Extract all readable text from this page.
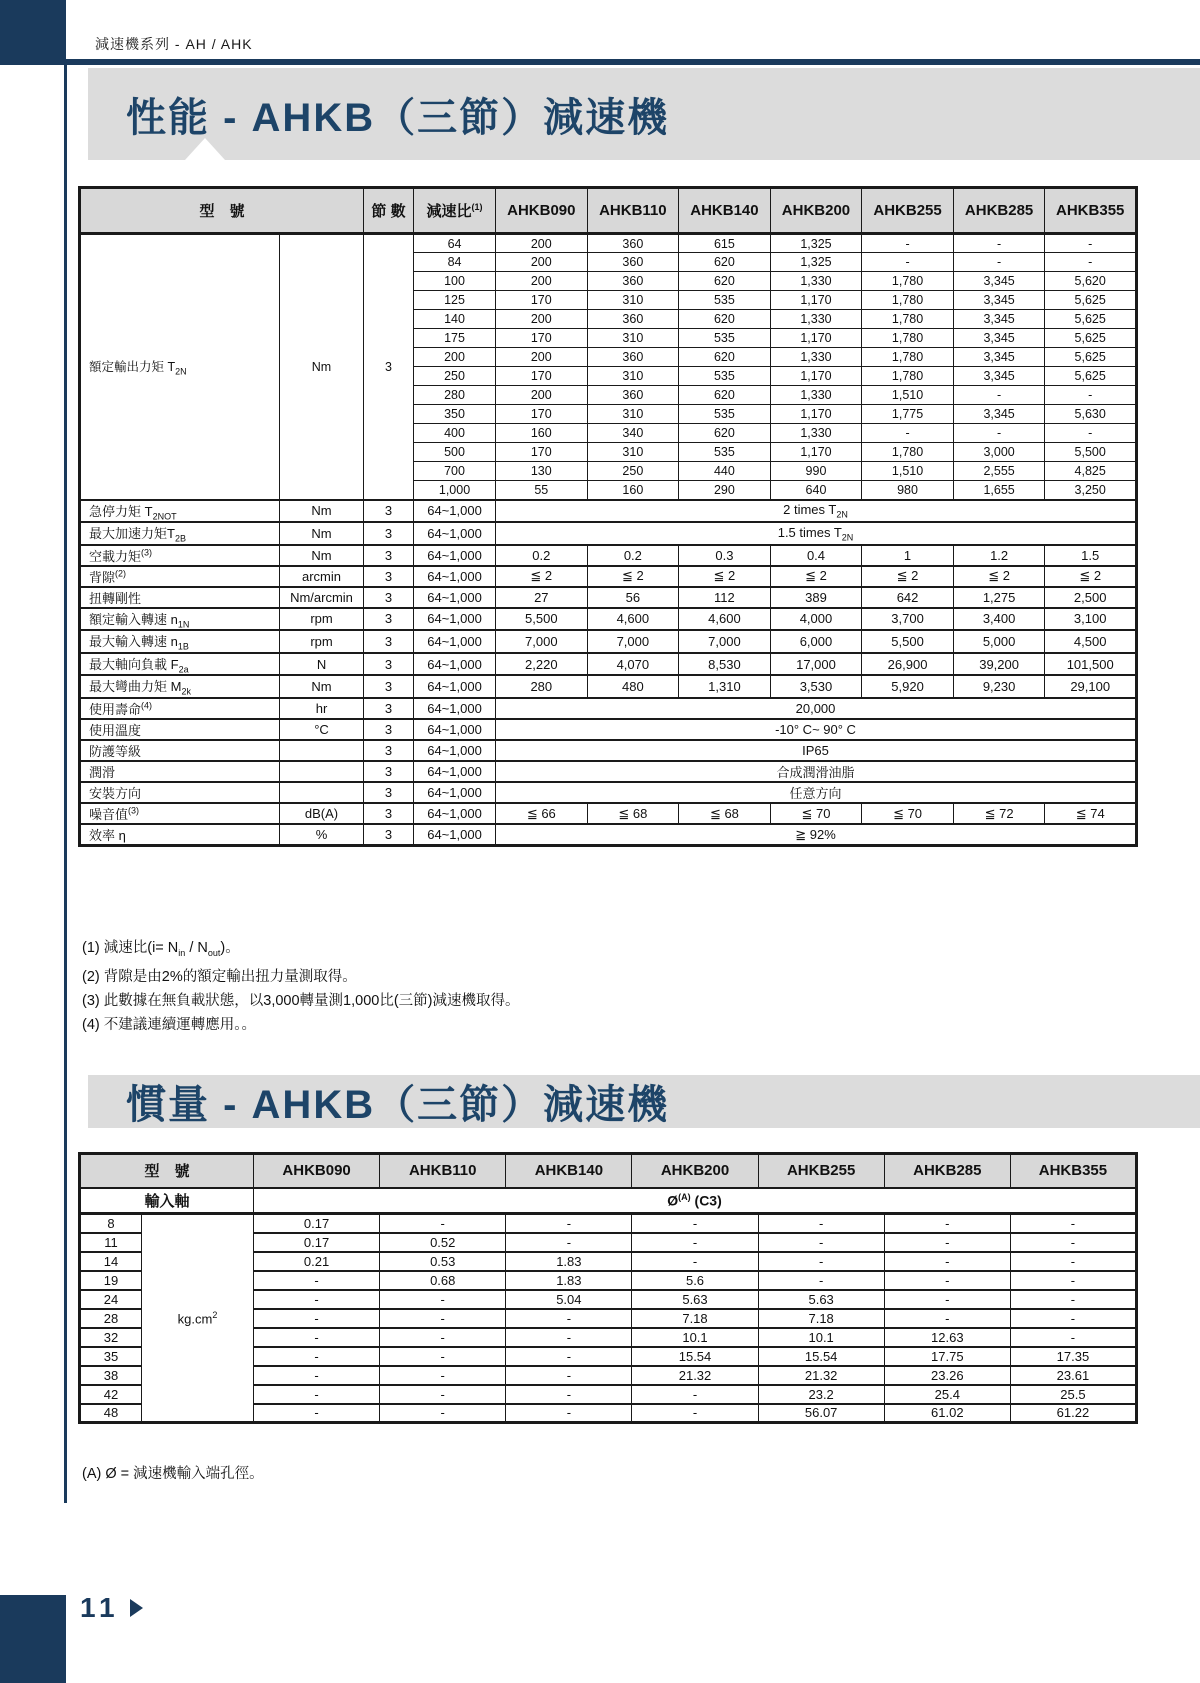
減速機系列 - AH / AHK
性能 - AHKB（三節）減速機
型　號		節 數	減速比$^{(1)}$	AHKB090	AHKB110	AHKB140	AHKB200	AHKB255	AHKB285	AHKB355
額定輸出力矩 $T_{2N}$	Nm	3	64	200	360	615	1,325	-	-	-
			84	200	360	620	1,325	-	-	-
			100	200	360	620	1,330	1,780	3,345	5,620
			125	170	310	535	1,170	1,780	3,345	5,625
			140	200	360	620	1,330	1,780	3,345	5,625
			175	170	310	535	1,170	1,780	3,345	5,625
			200	200	360	620	1,330	1,780	3,345	5,625
			250	170	310	535	1,170	1,780	3,345	5,625
			280	200	360	620	1,330	1,510	-	-
			350	170	310	535	1,170	1,775	3,345	5,630
			400	160	340	620	1,330	-	-	-
			500	170	310	535	1,170	1,780	3,000	5,500
			700	130	250	440	990	1,510	2,555	4,825
			1,000	55	160	290	640	980	1,655	3,250
急停力矩 $T_{2NOT}$	Nm	3	64~1,000	2 times $T_{2N}$
最大加速力矩$T_{2B}$	Nm	3	64~1,000	1.5 times $T_{2N}$
空載力矩$^{(3)}$	Nm	3	64~1,000	0.2	0.2	0.3	0.4	1	1.2	1.5
背隙$^{(2)}$	arcmin	3	64~1,000	≦ 2	≦ 2	≦ 2	≦ 2	≦ 2	≦ 2	≦ 2
扭轉剛性	Nm/arcmin	3	64~1,000	27	56	112	389	642	1,275	2,500
額定輸入轉速 $n_{1N}$	rpm	3	64~1,000	5,500	4,600	4,600	4,000	3,700	3,400	3,100
最大輸入轉速 $n_{1B}$	rpm	3	64~1,000	7,000	7,000	7,000	6,000	5,500	5,000	4,500
最大軸向負載 $F_{2a}$	N	3	64~1,000	2,220	4,070	8,530	17,000	26,900	39,200	101,500
最大彎曲力矩 $M_{2k}$	Nm	3	64~1,000	280	480	1,310	3,530	5,920	9,230	29,100
使用壽命$^{(4)}$	hr	3	64~1,000	20,000						
使用溫度	°C	3	64~1,000	-10° C~ 90° C						
防護等級		3	64~1,000	IP65						
潤滑		3	64~1,000	合成潤滑油脂						
安裝方向		3	64~1,000	任意方向						
噪音值$^{(3)}$	dB(A)	3	64~1,000	≦ 66	≦ 68	≦ 68	≦ 70	≦ 70	≦ 72	≦ 74
效率 η	%	3	64~1,000	≧ 92%						
(1) 減速比$(i= N_{in} / N_{out})$。
(2) 背隙是由2%的額定輸出扭力量測取得。
(3) 此數據在無負載狀態，以3,000轉量測1,000比(三節)減速機取得。
(4) 不建議連續運轉應用。。
慣量 - AHKB（三節）減速機
型　號		AHKB090	AHKB110	AHKB140	AHKB200	AHKB255	AHKB285	AHKB355
輸入軸		$Ø^{(A)}$ (C3)						
8	$kg.cm^2$	0.17	-	-	-	-	-	-
11		0.17	0.52	-	-	-	-	-
14		0.21	0.53	1.83	-	-	-	-
19		-	0.68	1.83	5.6	-	-	-
24		-	-	5.04	5.63	5.63	-	-
28		-	-	-	7.18	7.18	-	-
32		-	-	-	10.1	10.1	12.63	-
35		-	-	-	15.54	15.54	17.75	17.35
38		-	-	-	21.32	21.32	23.26	23.61
42		-	-	-	-	23.2	25.4	25.5
48		-	-	-	-	56.07	61.02	61.22
(A) Ø = 減速機輸入端孔徑。
11
